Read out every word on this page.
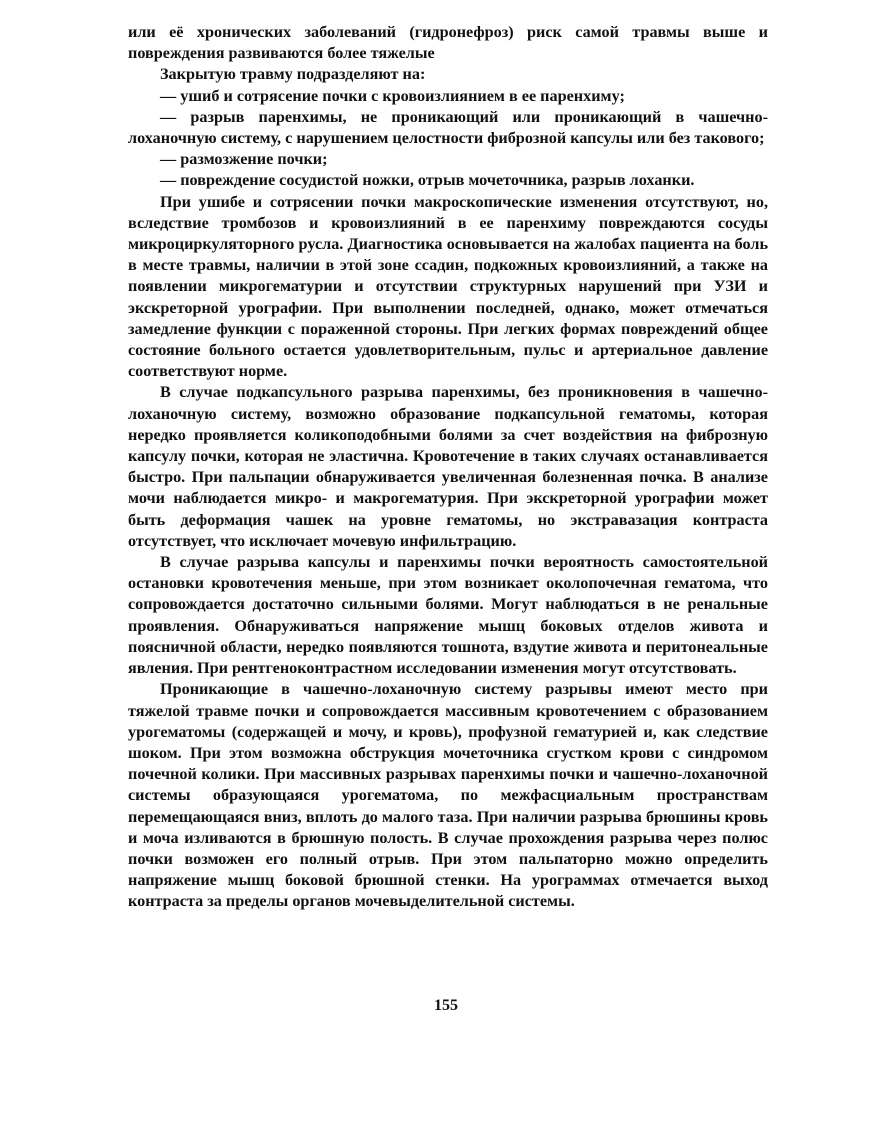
или её хронических заболеваний (гидронефроз) риск самой травмы выше и повреждения развиваются более тяжелые

Закрытую травму подразделяют на:

— ушиб и сотрясение почки с кровоизлиянием в ее паренхиму;

— разрыв паренхимы, не проникающий или проникающий в чашечно-лоханочную систему, с нарушением целостности фиброзной капсулы или без такового;

— размозжение почки;

— повреждение сосудистой ножки, отрыв мочеточника, разрыв лоханки.

При ушибе и сотрясении почки макроскопические изменения отсутствуют, но, вследствие тромбозов и кровоизлияний в ее паренхиму повреждаются сосуды микроциркуляторного русла. Диагностика основывается на жалобах пациента на боль в месте травмы, наличии в этой зоне ссадин, подкожных кровоизлияний, а также на появлении микрогематурии и отсутствии структурных нарушений при УЗИ и экскреторной урографии. При выполнении последней, однако, может отмечаться замедление функции с пораженной стороны. При легких формах повреждений общее состояние больного остается удовлетворительным, пульс и артериальное давление соответствуют норме.

В случае подкапсульного разрыва паренхимы, без проникновения в чашечно-лоханочную систему, возможно образование подкапсульной гематомы, которая нередко проявляется коликоподобными болями за счет воздействия на фиброзную капсулу почки, которая не эластична. Кровотечение в таких случаях останавливается быстро. При пальпации обнаруживается увеличенная болезненная почка. В анализе мочи наблюдается микро- и макрогематурия. При экскреторной урографии может быть деформация чашек на уровне гематомы, но экстравазация контраста отсутствует, что исключает мочевую инфильтрацию.

В случае разрыва капсулы и паренхимы почки вероятность самостоятельной остановки кровотечения меньше, при этом возникает околопочечная гематома, что сопровождается достаточно сильными болями. Могут наблюдаться в не ренальные проявления. Обнаруживаться напряжение мышц боковых отделов живота и поясничной области, нередко появляются тошнота, вздутие живота и перитонеальные явления. При рентгеноконтрастном исследовании изменения могут отсутствовать.

Проникающие в чашечно-лоханочную систему разрывы имеют место при тяжелой травме почки и сопровождается массивным кровотечением с образованием урогематомы (содержащей и мочу, и кровь), профузной гематурией и, как следствие шоком. При этом возможна обструкция мочеточника сгустком крови с синдромом почечной колики. При массивных разрывах паренхимы почки и чашечно-лоханочной системы образующаяся урогематома, по межфасциальным пространствам перемещающаяся вниз, вплоть до малого таза. При наличии разрыва брюшины кровь и моча изливаются в брюшную полость. В случае прохождения разрыва через полюс почки возможен его полный отрыв. При этом пальпаторно можно определить напряжение мышц боковой брюшной стенки. На урограммах отмечается выход контраста за пределы органов мочевыделительной системы.

155
